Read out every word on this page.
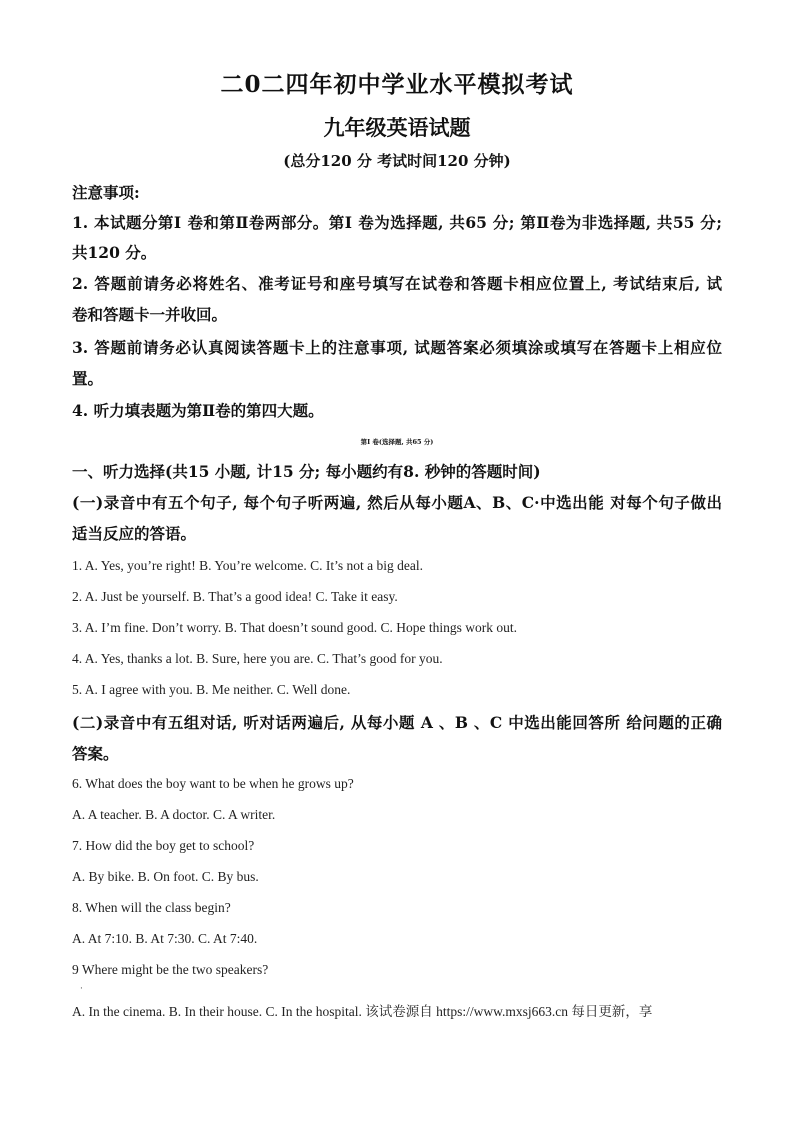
二0二四年初中学业水平模拟考试
九年级英语试题
(总分120 分 考试时间120 分钟)
注意事项:
1. 本试题分第Ⅰ 卷和第Ⅱ卷两部分。第Ⅰ 卷为选择题, 共65 分; 第Ⅱ卷为非选择题, 共55 分;
共120 分。
2. 答题前请务必将姓名、准考证号和座号填写在试卷和答题卡相应位置上, 考试结束后, 试
卷和答题卡一并收回。
3. 答题前请务必认真阅读答题卡上的注意事项, 试题答案必须填涂或填写在答题卡上相应位
置。
4. 听力填表题为第Ⅱ卷的第四大题。
第Ⅰ 卷(选择题, 共65 分)
一、听力选择(共15 小题, 计15 分; 每小题约有8. 秒钟的答题时间)
(一)录音中有五个句子, 每个句子听两遍, 然后从每小题A、B、C·中选出能 对每个句子做出
适当反应的答语。
1. A. Yes, you’re right! B. You’re welcome. C. It’s not a big deal.
2. A. Just be yourself. B. That’s a good idea! C. Take it easy.
3. A. I’m fine. Don’t worry. B. That doesn’t sound good. C. Hope things work out.
4. A. Yes, thanks a lot. B. Sure, here you are. C. That’s good for you.
5. A. I agree with you. B. Me neither. C. Well done.
(二)录音中有五组对话, 听对话两遍后, 从每小题 A 、B 、C 中选出能回答所 给问题的正确
答案。
6. What does the boy want to be when he grows up?
A. A teacher. B. A doctor. C. A writer.
7. How did the boy get to school?
A. By bike. B. On foot. C. By bus.
8. When will the class begin?
A. At 7:10. B. At 7:30. C. At 7:40.
9 Where might be the two speakers?
·
A. In the cinema. B. In their house. C. In the hospital. 该试卷源自 https://www.mxsj663.cn 每日更新，享
